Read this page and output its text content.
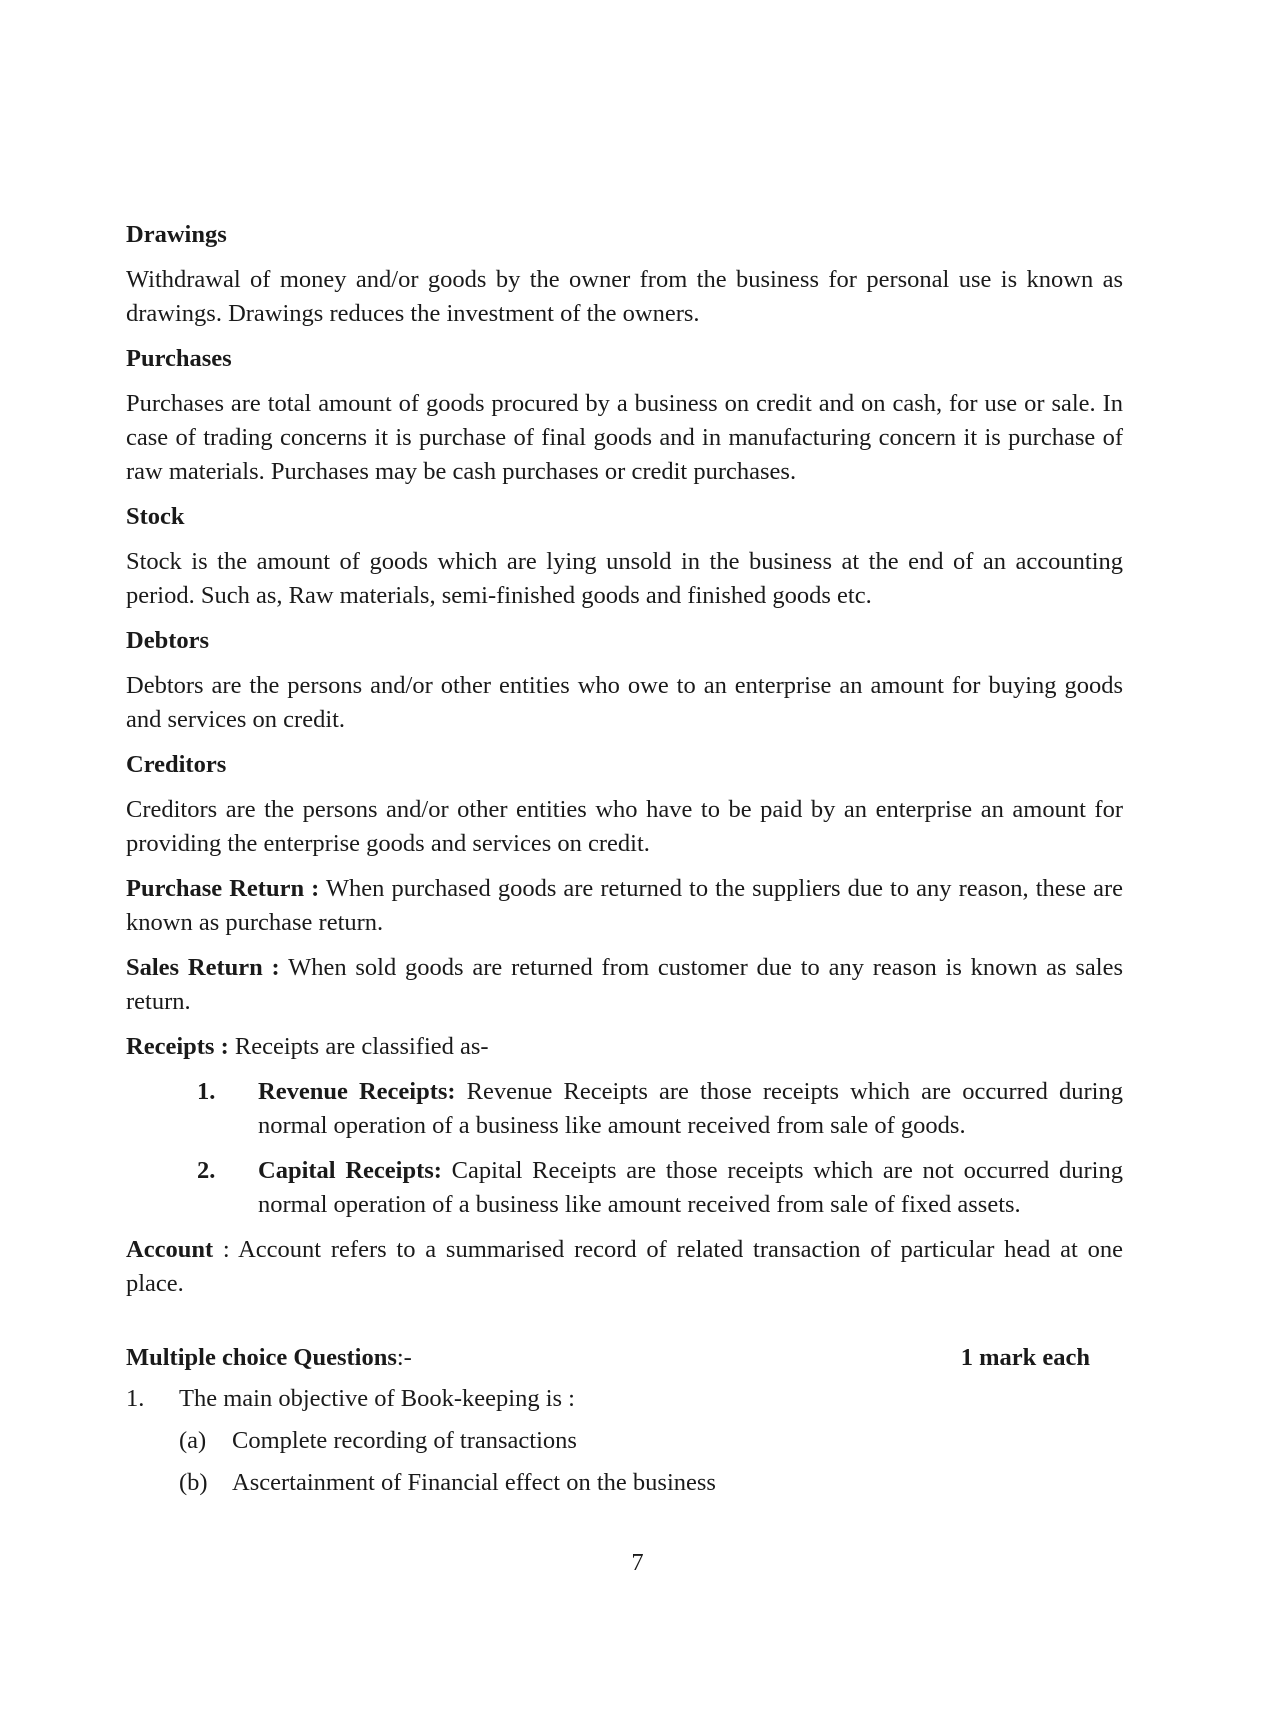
Drawings
Withdrawal of money and/or goods by the owner from the business for personal use is known as drawings. Drawings reduces the investment of the owners.
Purchases
Purchases are total amount of goods procured by a business on credit and on cash, for use or sale. In case of trading concerns it is purchase of final goods and in manufacturing concern it is purchase of raw materials. Purchases may be cash purchases or credit purchases.
Stock
Stock is the amount of goods which are lying unsold in the business at the end of an accounting period. Such as, Raw materials, semi-finished goods and finished goods etc.
Debtors
Debtors are the persons and/or other entities who owe to an enterprise an amount for buying goods and services on credit.
Creditors
Creditors are the persons and/or other entities who have to be paid by an enterprise an amount for providing the enterprise goods and services on credit.
Purchase Return : When purchased goods are returned to the suppliers due to any reason, these are known as purchase return.
Sales Return : When sold goods are returned from customer due to any reason is known as sales return.
Receipts : Receipts are classified as-
1. Revenue Receipts: Revenue Receipts are those receipts which are occurred during normal operation of a business like amount received from sale of goods.
2. Capital Receipts: Capital Receipts are those receipts which are not occurred during normal operation of a business like amount received from sale of fixed assets.
Account : Account refers to a summarised record of related transaction of particular head at one place.
Multiple choice Questions:-	1 mark each
1. The main objective of Book-keeping is :
(a) Complete recording of transactions
(b) Ascertainment of Financial effect on the business
7
